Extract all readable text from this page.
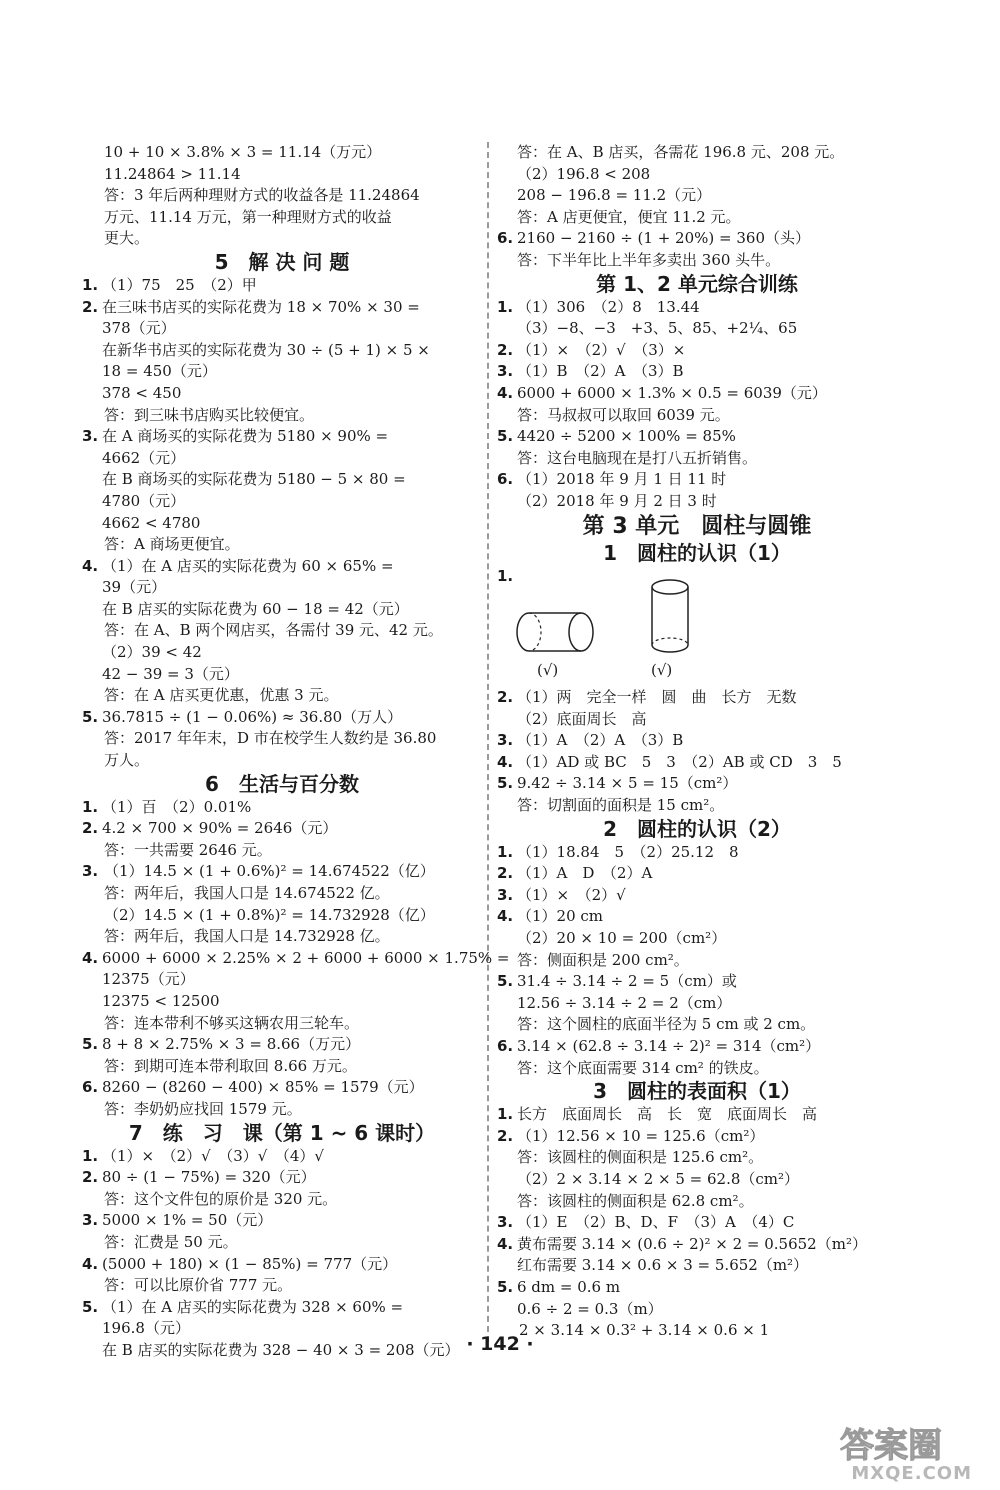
10 + 10 × 3.8% × 3 = 11.14（万元）
11.24864 > 11.14
答：3 年后两种理财方式的收益各是 11.24864
万元、11.14 万元，第一种理财方式的收益
更大。
5　解 决 问 题
1. （1）75　25　（2）甲
2. 在三味书店买的实际花费为 18 × 70% × 30 =
378（元）
在新华书店买的实际花费为 30 ÷ (5 + 1) × 5 ×
18 = 450（元）
378 < 450
答：到三味书店购买比较便宜。
3. 在 A 商场买的实际花费为 5180 × 90% =
4662（元）
在 B 商场买的实际花费为 5180 − 5 × 80 =
4780（元）
4662 < 4780
答：A 商场更便宜。
4. （1）在 A 店买的实际花费为 60 × 65% =
39（元）
在 B 店买的实际花费为 60 − 18 = 42（元）
答：在 A、B 两个网店买，各需付 39 元、42 元。
（2）39 < 42
42 − 39 = 3（元）
答：在 A 店买更优惠，优惠 3 元。
5. 36.7815 ÷ (1 − 0.06%) ≈ 36.80（万人）
答：2017 年年末，D 市在校学生人数约是 36.80
万人。
6　生活与百分数
1. （1）百　（2）0.01%
2. 4.2 × 700 × 90% = 2646（元）
答：一共需要 2646 元。
3. （1）14.5 × (1 + 0.6%)² = 14.674522（亿）
答：两年后，我国人口是 14.674522 亿。
（2）14.5 × (1 + 0.8%)² = 14.732928（亿）
答：两年后，我国人口是 14.732928 亿。
4. 6000 + 6000 × 2.25% × 2 + 6000 + 6000 × 1.75% =
12375（元）
12375 < 12500
答：连本带利不够买这辆农用三轮车。
5. 8 + 8 × 2.75% × 3 = 8.66（万元）
答：到期可连本带利取回 8.66 万元。
6. 8260 − (8260 − 400) × 85% = 1579（元）
答：李奶奶应找回 1579 元。
7　练　习　课（第 1 ~ 6 课时）
1. （1）×　（2）√　（3）√　（4）√
2. 80 ÷ (1 − 75%) = 320（元）
答：这个文件包的原价是 320 元。
3. 5000 × 1% = 50（元）
答：汇费是 50 元。
4. (5000 + 180) × (1 − 85%) = 777（元）
答：可以比原价省 777 元。
5. （1）在 A 店买的实际花费为 328 × 60% =
196.8（元）
在 B 店买的实际花费为 328 − 40 × 3 = 208（元）
答：在 A、B 店买，各需花 196.8 元、208 元。
（2）196.8 < 208
208 − 196.8 = 11.2（元）
答：A 店更便宜，便宜 11.2 元。
6. 2160 − 2160 ÷ (1 + 20%) = 360（头）
答：下半年比上半年多卖出 360 头牛。
第 1、2 单元综合训练
1. （1）306　（2）8　13.44
（3）−8、−3　+3、5、85、+2¼、65
2. （1）×　（2）√　（3）×
3. （1）B　（2）A　（3）B
4. 6000 + 6000 × 1.3% × 0.5 = 6039（元）
答：马叔叔可以取回 6039 元。
5. 4420 ÷ 5200 × 100% = 85%
答：这台电脑现在是打八五折销售。
6. （1）2018 年 9 月 1 日 11 时
（2）2018 年 9 月 2 日 3 时
第 3 单元　圆柱与圆锥
1　圆柱的认识（1）
1.
(√)	(√)
2. （1）两　完全一样　圆　曲　长方　无数
（2）底面周长　高
3. （1）A　（2）A　（3）B
4. （1）AD 或 BC　5　3　（2）AB 或 CD　3　5
5. 9.42 ÷ 3.14 × 5 = 15（cm²）
答：切割面的面积是 15 cm²。
2　圆柱的认识（2）
1. （1）18.84　5　（2）25.12　8
2. （1）A　D　（2）A
3. （1）×　（2）√
4. （1）20 cm
（2）20 × 10 = 200（cm²）
答：侧面积是 200 cm²。
5. 31.4 ÷ 3.14 ÷ 2 = 5（cm）或
12.56 ÷ 3.14 ÷ 2 = 2（cm）
答：这个圆柱的底面半径为 5 cm 或 2 cm。
6. 3.14 × (62.8 ÷ 3.14 ÷ 2)² = 314（cm²）
答：这个底面需要 314 cm² 的铁皮。
3　圆柱的表面积（1）
1. 长方　底面周长　高　长　宽　底面周长　高
2. （1）12.56 × 10 = 125.6（cm²）
答：该圆柱的侧面积是 125.6 cm²。
（2）2 × 3.14 × 2 × 5 = 62.8（cm²）
答：该圆柱的侧面积是 62.8 cm²。
3. （1）E　（2）B、D、F　（3）A　（4）C
4. 黄布需要 3.14 × (0.6 ÷ 2)² × 2 = 0.5652（m²）
红布需要 3.14 × 0.6 × 3 = 5.652（m²）
5. 6 dm = 0.6 m
0.6 ÷ 2 = 0.3（m）
2 × 3.14 × 0.3² + 3.14 × 0.6 × 1
· 142 ·
答案圈
MXQE.COM
